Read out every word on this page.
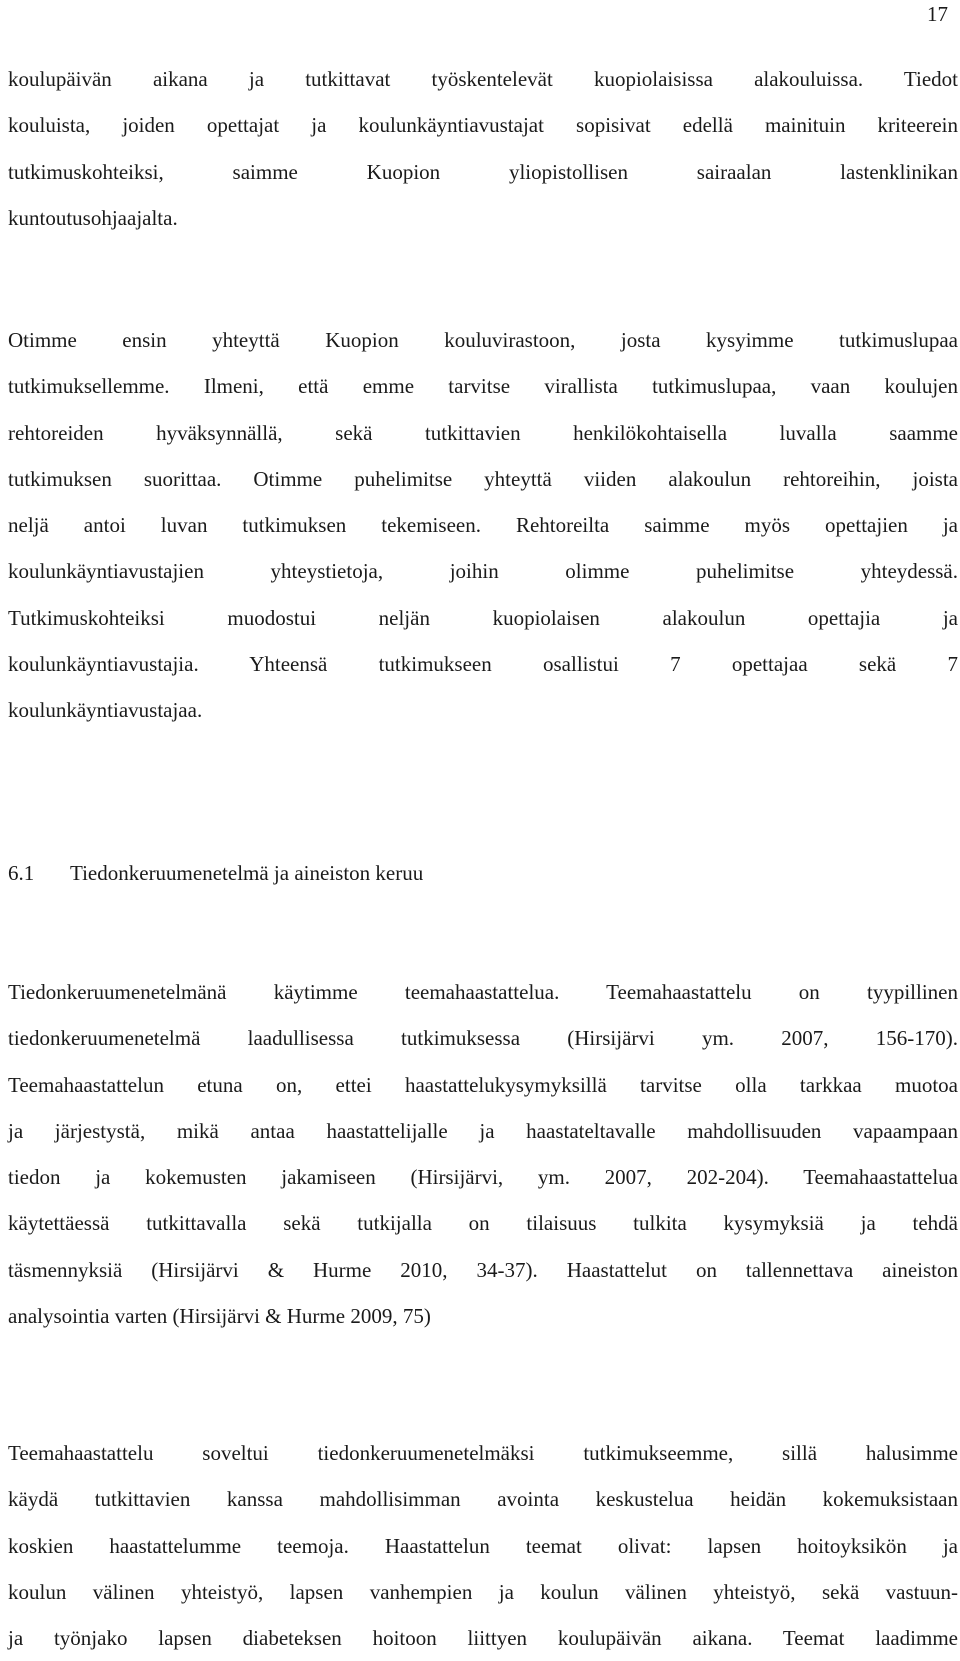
17

koulupäivän aikana ja tutkittavat työskentelevät kuopiolaisissa alakouluissa. Tiedot
kouluista, joiden opettajat ja koulunkäyntiavustajat sopisivat edellä mainituin kriteerein
tutkimuskohteiksi, saimme Kuopion yliopistollisen sairaalan lastenklinikan
kuntoutusohjaajalta.

Otimme ensin yhteyttä Kuopion kouluvirastoon, josta kysyimme tutkimuslupaa
tutkimuksellemme. Ilmeni, että emme tarvitse virallista tutkimuslupaa, vaan koulujen
rehtoreiden hyväksynnällä, sekä tutkittavien henkilökohtaisella luvalla saamme
tutkimuksen suorittaa. Otimme puhelimitse yhteyttä viiden alakoulun rehtoreihin, joista
neljä antoi luvan tutkimuksen tekemiseen. Rehtoreilta saimme myös opettajien ja
koulunkäyntiavustajien yhteystietoja, joihin olimme puhelimitse yhteydessä.
Tutkimuskohteiksi muodostui neljän kuopiolaisen alakoulun opettajia ja
koulunkäyntiavustajia. Yhteensä tutkimukseen osallistui 7 opettajaa sekä 7
koulunkäyntiavustajaa.

6.1 Tiedonkeruumenetelmä ja aineiston keruu

Tiedonkeruumenetelmänä käytimme teemahaastattelua. Teemahaastattelu on tyypillinen
tiedonkeruumenetelmä laadullisessa tutkimuksessa (Hirsijärvi ym. 2007, 156-170).
Teemahaastattelun etuna on, ettei haastattelukysymyksillä tarvitse olla tarkkaa muotoa
ja järjestystä, mikä antaa haastattelijalle ja haastateltavalle mahdollisuuden vapaampaan
tiedon ja kokemusten jakamiseen (Hirsijärvi, ym. 2007, 202-204). Teemahaastattelua
käytettäessä tutkittavalla sekä tutkijalla on tilaisuus tulkita kysymyksiä ja tehdä
täsmennyksiä (Hirsijärvi & Hurme 2010, 34-37). Haastattelut on tallennettava aineiston
analysointia varten (Hirsijärvi & Hurme 2009, 75)

Teemahaastattelu soveltui tiedonkeruumenetelmäksi tutkimukseemme, sillä halusimme
käydä tutkittavien kanssa mahdollisimman avointa keskustelua heidän kokemuksistaan
koskien haastattelumme teemoja. Haastattelun teemat olivat: lapsen hoitoyksikön ja
koulun välinen yhteistyö, lapsen vanhempien ja koulun välinen yhteistyö, sekä vastuun-
ja työnjako lapsen diabeteksen hoitoon liittyen koulupäivän aikana. Teemat laadimme
